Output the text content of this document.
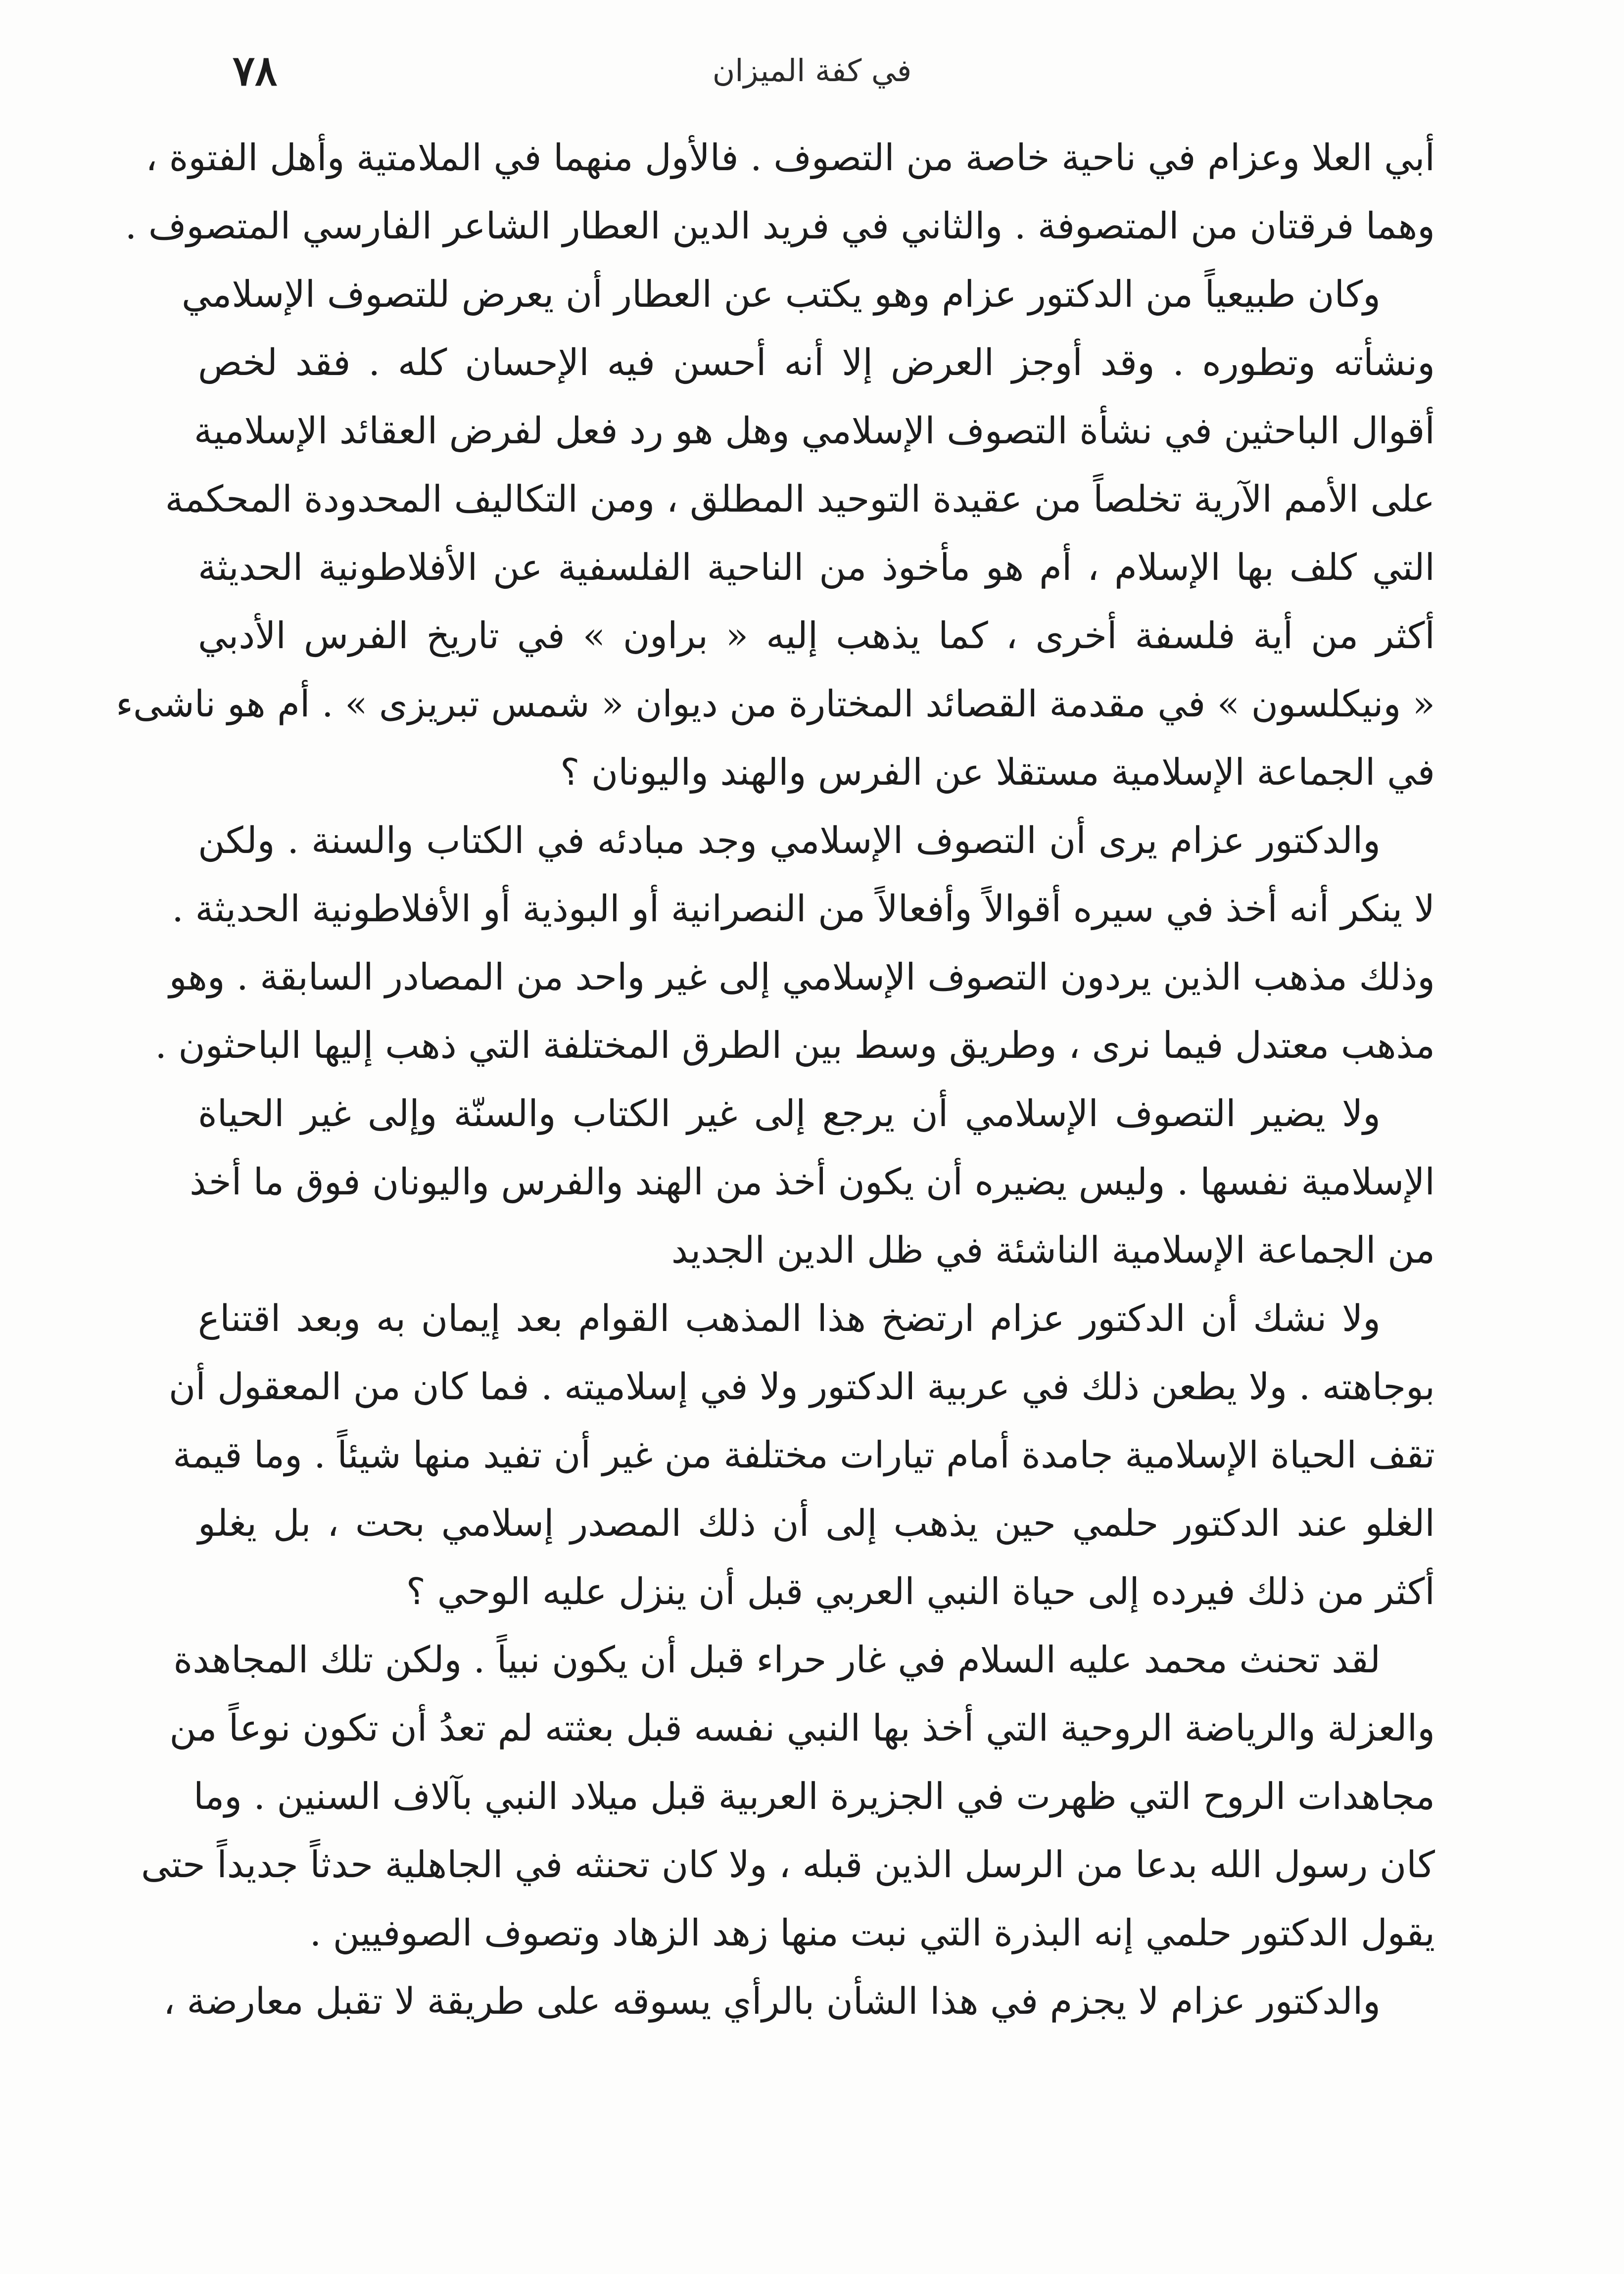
٧٨	في كفة الميزان
أبي العلا وعزام في ناحية خاصة من التصوف . فالأول منهما في الملامتية وأهل الفتوة ،
وهما فرقتان من المتصوفة . والثاني في فريد الدين العطار الشاعر الفارسي المتصوف .
وكان طبيعياً من الدكتور عزام وهو يكتب عن العطار أن يعرض للتصوف الإسلامي
ونشأته وتطوره . وقد أوجز العرض إلا أنه أحسن فيه الإحسان كله . فقد لخص
أقوال الباحثين في نشأة التصوف الإسلامي وهل هو رد فعل لفرض العقائد الإسلامية
على الأمم الآرية تخلصاً من عقيدة التوحيد المطلق ، ومن التكاليف المحدودة المحكمة
التي كلف بها الإسلام ، أم هو مأخوذ من الناحية الفلسفية عن الأفلاطونية الحديثة
أكثر من أية فلسفة أخرى ، كما يذهب إليه « براون » في تاريخ الفرس الأدبي
« ونيكلسون » في مقدمة القصائد المختارة من ديوان « شمس تبريزى » . أم هو ناشىء
في الجماعة الإسلامية مستقلا عن الفرس والهند واليونان ؟
والدكتور عزام يرى أن التصوف الإسلامي وجد مبادئه في الكتاب والسنة . ولكن
لا ينكر أنه أخذ في سيره أقوالاً وأفعالاً من النصرانية أو البوذية أو الأفلاطونية الحديثة .
وذلك مذهب الذين يردون التصوف الإسلامي إلى غير واحد من المصادر السابقة . وهو
مذهب معتدل فيما نرى ، وطريق وسط بين الطرق المختلفة التي ذهب إليها الباحثون .
ولا يضير التصوف الإسلامي أن يرجع إلى غير الكتاب والسنّة وإلى غير الحياة
الإسلامية نفسها . وليس يضيره أن يكون أخذ من الهند والفرس واليونان فوق ما أخذ
من الجماعة الإسلامية الناشئة في ظل الدين الجديد
ولا نشك أن الدكتور عزام ارتضخ هذا المذهب القوام بعد إيمان به وبعد اقتناع
بوجاهته . ولا يطعن ذلك في عربية الدكتور ولا في إسلاميته . فما كان من المعقول أن
تقف الحياة الإسلامية جامدة أمام تيارات مختلفة من غير أن تفيد منها شيئاً . وما قيمة
الغلو عند الدكتور حلمي حين يذهب إلى أن ذلك المصدر إسلامي بحت ، بل يغلو
أكثر من ذلك فيرده إلى حياة النبي العربي قبل أن ينزل عليه الوحي ؟
لقد تحنث محمد عليه السلام في غار حراء قبل أن يكون نبياً . ولكن تلك المجاهدة
والعزلة والرياضة الروحية التي أخذ بها النبي نفسه قبل بعثته لم تعدُ أن تكون نوعاً من
مجاهدات الروح التي ظهرت في الجزيرة العربية قبل ميلاد النبي بآلاف السنين . وما
كان رسول الله بدعا من الرسل الذين قبله ، ولا كان تحنثه في الجاهلية حدثاً جديداً حتى
يقول الدكتور حلمي إنه البذرة التي نبت منها زهد الزهاد وتصوف الصوفيين .
والدكتور عزام لا يجزم في هذا الشأن بالرأي يسوقه على طريقة لا تقبل معارضة ،
